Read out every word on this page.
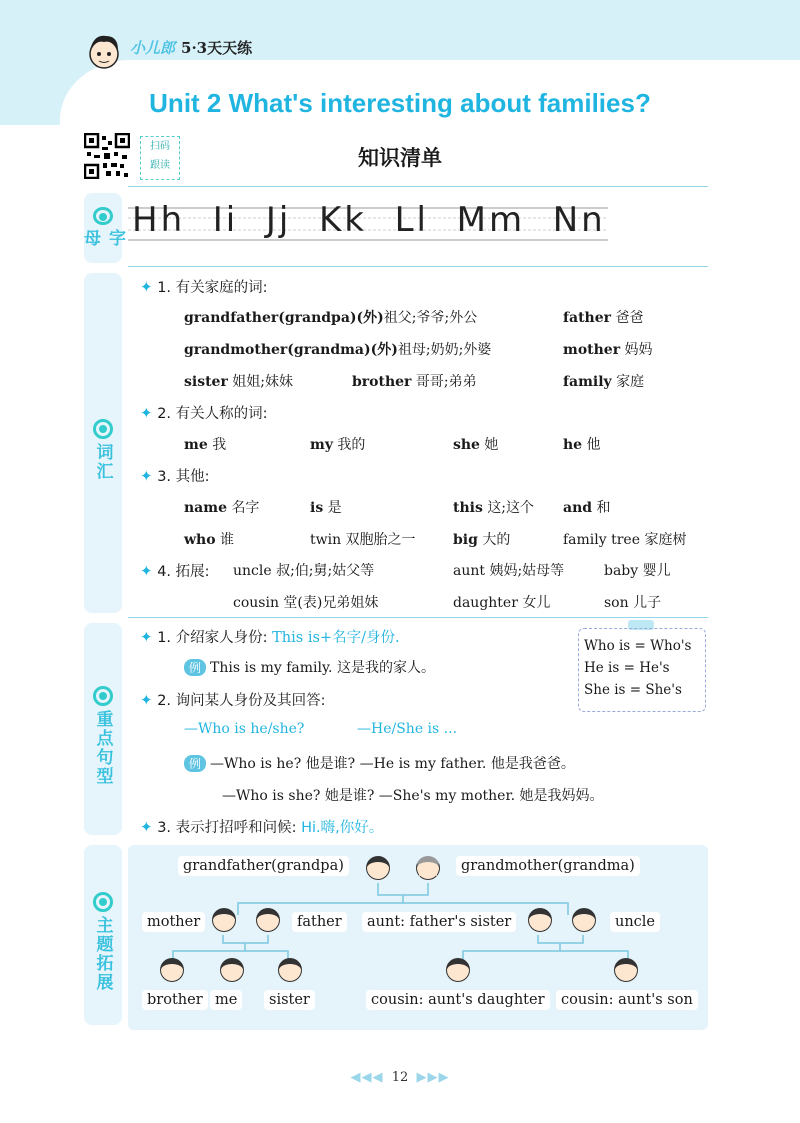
小儿郎 5·3天天练
Unit 2 What's interesting about families?
扫码
跟读	知识清单
字母 Hh Ii Jj Kk Ll Mm Nn
词汇
✦ 1. 有关家庭的词:
grandfather(grandpa)(外)祖父;爷爷;外公	father 爸爸
grandmother(grandma)(外)祖母;奶奶;外婆	mother 妈妈
sister 姐姐;妹妹	brother 哥哥;弟弟	family 家庭
✦ 2. 有关人称的词:
me 我	my 我的	she 她	he 他
✦ 3. 其他:
name 名字	is 是	this 这;这个 and 和
who 谁	twin 双胞胎之一	big 大的	family tree 家庭树
✦ 4. 拓展: uncle 叔;伯;舅;姑父等	aunt 姨妈;姑母等	baby 婴儿
cousin 堂(表)兄弟姐妹	daughter 女儿	son 儿子
重点句型
✦ 1. 介绍家人身份: This is+名字/身份.
例 This is my family. 这是我的家人。
Who is = Who's
He is = He's
She is = She's
✦ 2. 询问某人身份及其回答:
—Who is he/she?	—He/She is ...
例 —Who is he? 他是谁? —He is my father. 他是我爸爸。
—Who is she? 她是谁? —She's my mother. 她是我妈妈。
✦ 3. 表示打招呼和问候: Hi.嗨,你好。
主题拓展
grandfather(grandpa)	grandmother(grandma)
mother	father	aunt: father's sister	uncle
brother me	sister	cousin: aunt's daughter	cousin: aunt's son
◀◀◀ 12 ▶▶▶
